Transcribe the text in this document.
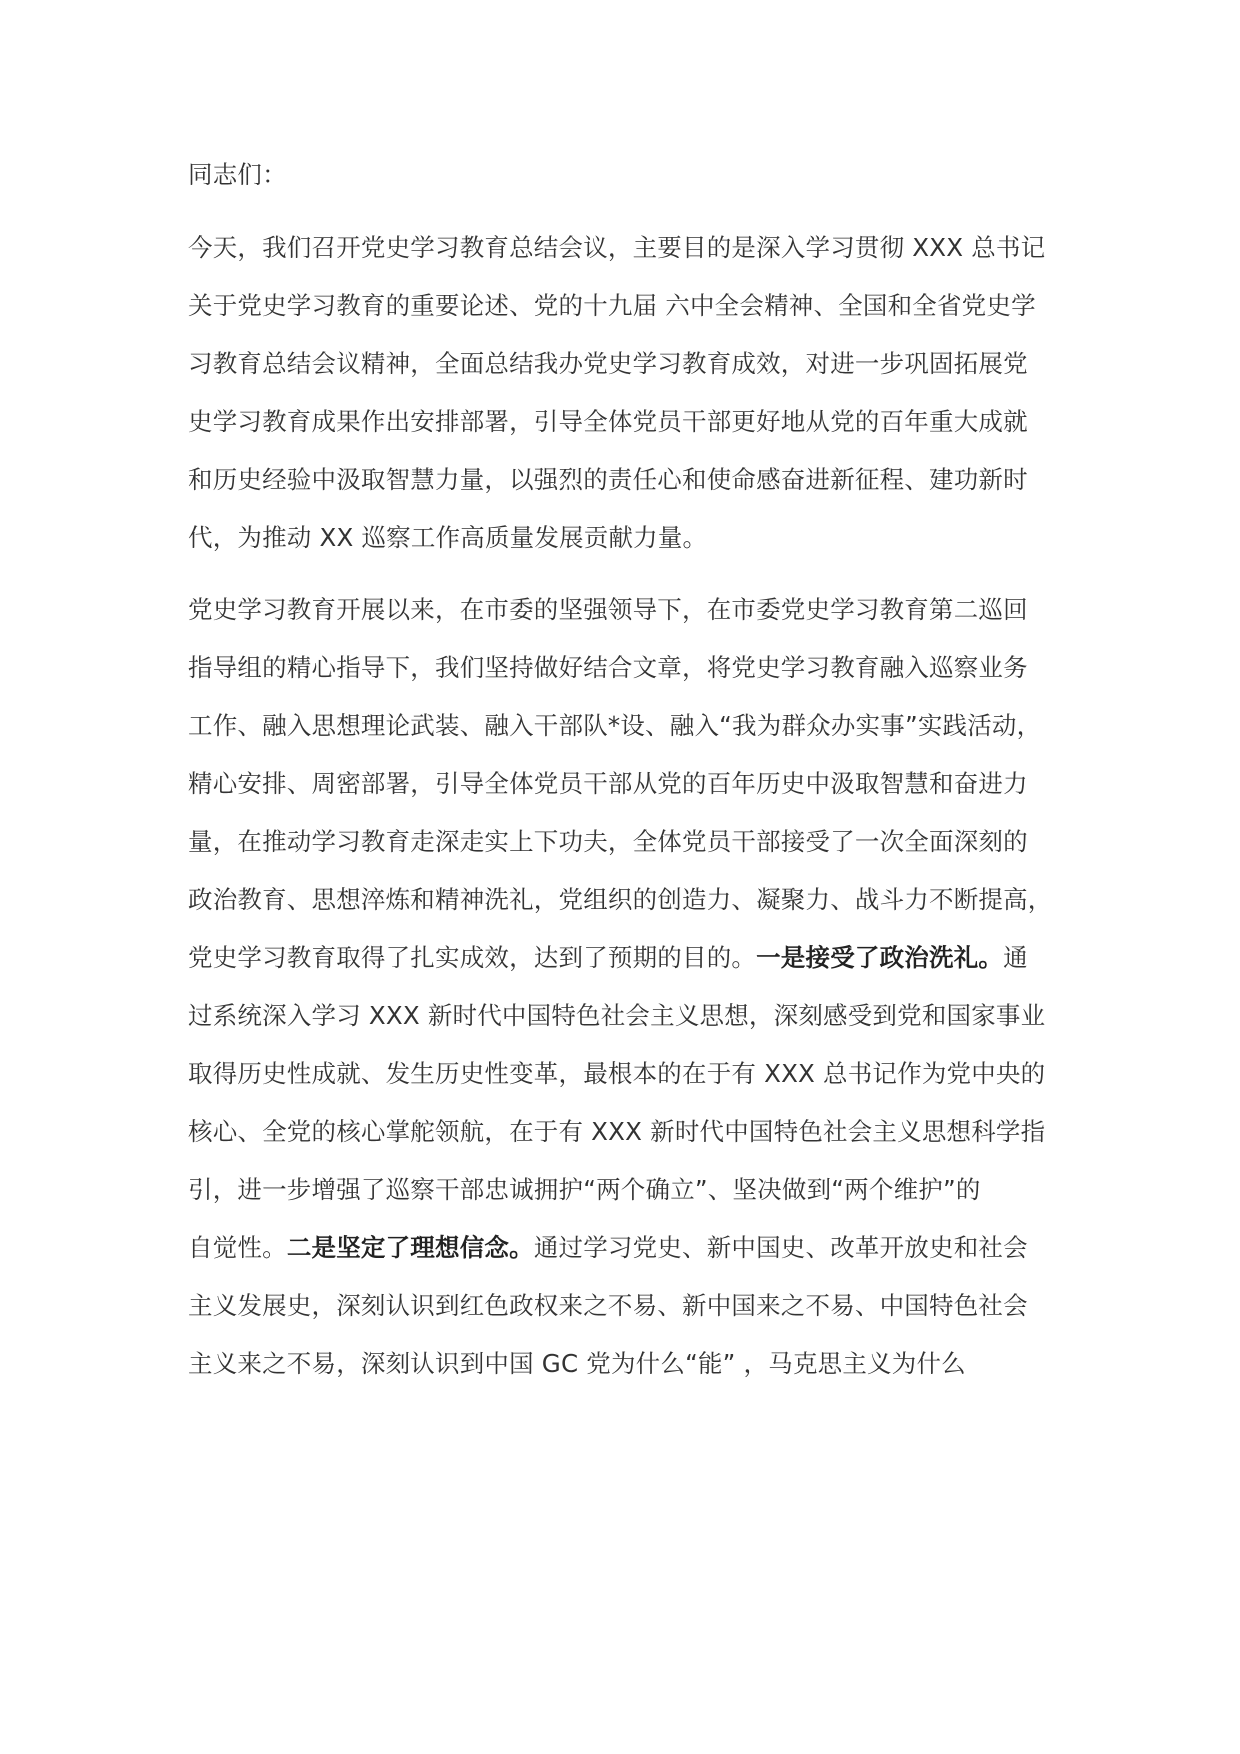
同志们：
今天，我们召开党史学习教育总结会议，主要目的是深入学习贯彻 XXX 总书记
关于党史学习教育的重要论述、党的十九届 六中全会精神、全国和全省党史学
习教育总结会议精神，全面总结我办党史学习教育成效，对进一步巩固拓展党
史学习教育成果作出安排部署，引导全体党员干部更好地从党的百年重大成就
和历史经验中汲取智慧力量，以强烈的责任心和使命感奋进新征程、建功新时
代，为推动 XX 巡察工作高质量发展贡献力量。
党史学习教育开展以来，在市委的坚强领导下，在市委党史学习教育第二巡回
指导组的精心指导下，我们坚持做好结合文章，将党史学习教育融入巡察业务
工作、融入思想理论武装、融入干部队*设、融入“我为群众办实事”实践活动，
精心安排、周密部署，引导全体党员干部从党的百年历史中汲取智慧和奋进力
量，在推动学习教育走深走实上下功夫，全体党员干部接受了一次全面深刻的
政治教育、思想淬炼和精神洗礼，党组织的创造力、凝聚力、战斗力不断提高，
党史学习教育取得了扎实成效，达到了预期的目的。一是接受了政治洗礼。通
过系统深入学习 XXX 新时代中国特色社会主义思想，深刻感受到党和国家事业
取得历史性成就、发生历史性变革，最根本的在于有 XXX 总书记作为党中央的
核心、全党的核心掌舵领航，在于有 XXX 新时代中国特色社会主义思想科学指
引，进一步增强了巡察干部忠诚拥护“两个确立”、坚决做到“两个维护”的
自觉性。二是坚定了理想信念。通过学习党史、新中国史、改革开放史和社会
主义发展史，深刻认识到红色政权来之不易、新中国来之不易、中国特色社会
主义来之不易，深刻认识到中国 GC 党为什么“能” ，马克思主义为什么
